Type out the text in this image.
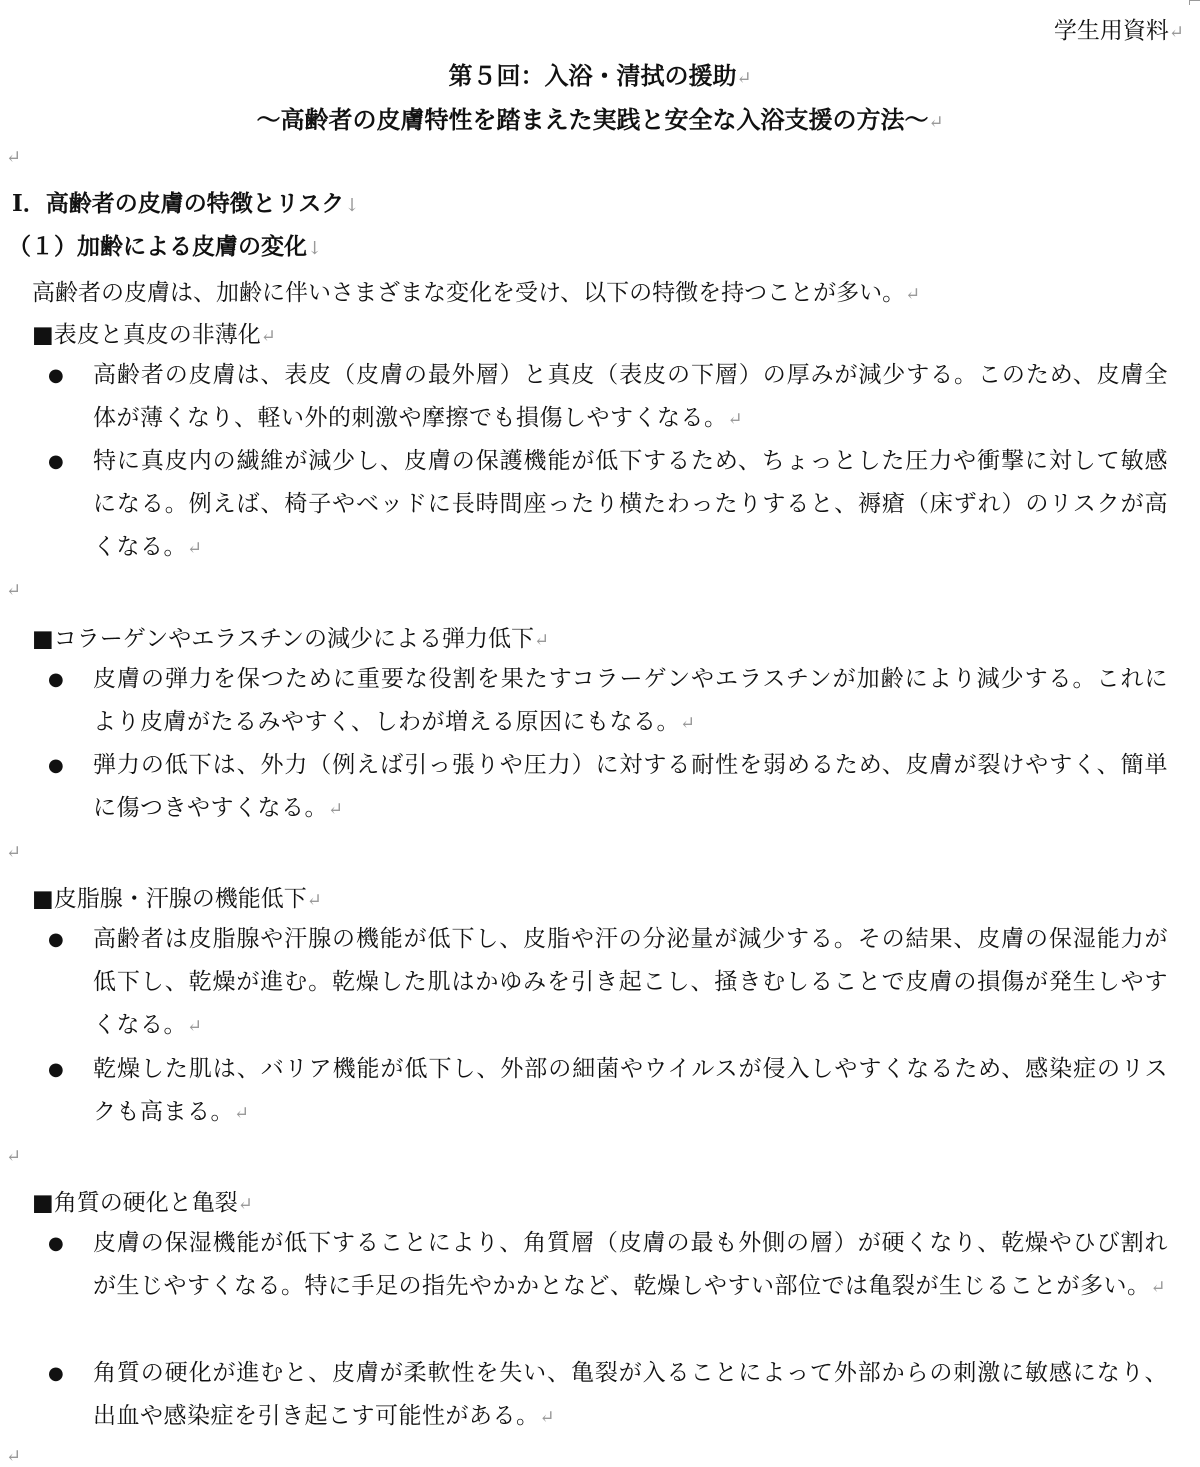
学生用資料↵
第５回：入浴・清拭の援助↵
～高齢者の皮膚特性を踏まえた実践と安全な入浴支援の方法～↵
↵
Ⅰ．高齢者の皮膚の特徴とリスク↓
（１）加齢による皮膚の変化↓
高齢者の皮膚は、加齢に伴いさまざまな変化を受け、以下の特徴を持つことが多い。↵
■表皮と真皮の非薄化↵
● 高齢者の皮膚は、表皮（皮膚の最外層）と真皮（表皮の下層）の厚みが減少する。このため、皮膚全体が薄くなり、軽い外的刺激や摩擦でも損傷しやすくなる。↵
● 特に真皮内の繊維が減少し、皮膚の保護機能が低下するため、ちょっとした圧力や衝撃に対して敏感になる。例えば、椅子やベッドに長時間座ったり横たわったりすると、褥瘡（床ずれ）のリスクが高くなる。↵
↵
■コラーゲンやエラスチンの減少による弾力低下↵
● 皮膚の弾力を保つために重要な役割を果たすコラーゲンやエラスチンが加齢により減少する。これにより皮膚がたるみやすく、しわが増える原因にもなる。↵
● 弾力の低下は、外力（例えば引っ張りや圧力）に対する耐性を弱めるため、皮膚が裂けやすく、簡単に傷つきやすくなる。↵
↵
■皮脂腺・汗腺の機能低下↵
● 高齢者は皮脂腺や汗腺の機能が低下し、皮脂や汗の分泌量が減少する。その結果、皮膚の保湿能力が低下し、乾燥が進む。乾燥した肌はかゆみを引き起こし、掻きむしることで皮膚の損傷が発生しやすくなる。↵
● 乾燥した肌は、バリア機能が低下し、外部の細菌やウイルスが侵入しやすくなるため、感染症のリスクも高まる。↵
↵
■角質の硬化と亀裂↵
● 皮膚の保湿機能が低下することにより、角質層（皮膚の最も外側の層）が硬くなり、乾燥やひび割れが生じやすくなる。特に手足の指先やかかとなど、乾燥しやすい部位では亀裂が生じることが多い。↵
● 角質の硬化が進むと、皮膚が柔軟性を失い、亀裂が入ることによって外部からの刺激に敏感になり、出血や感染症を引き起こす可能性がある。↵
↵
